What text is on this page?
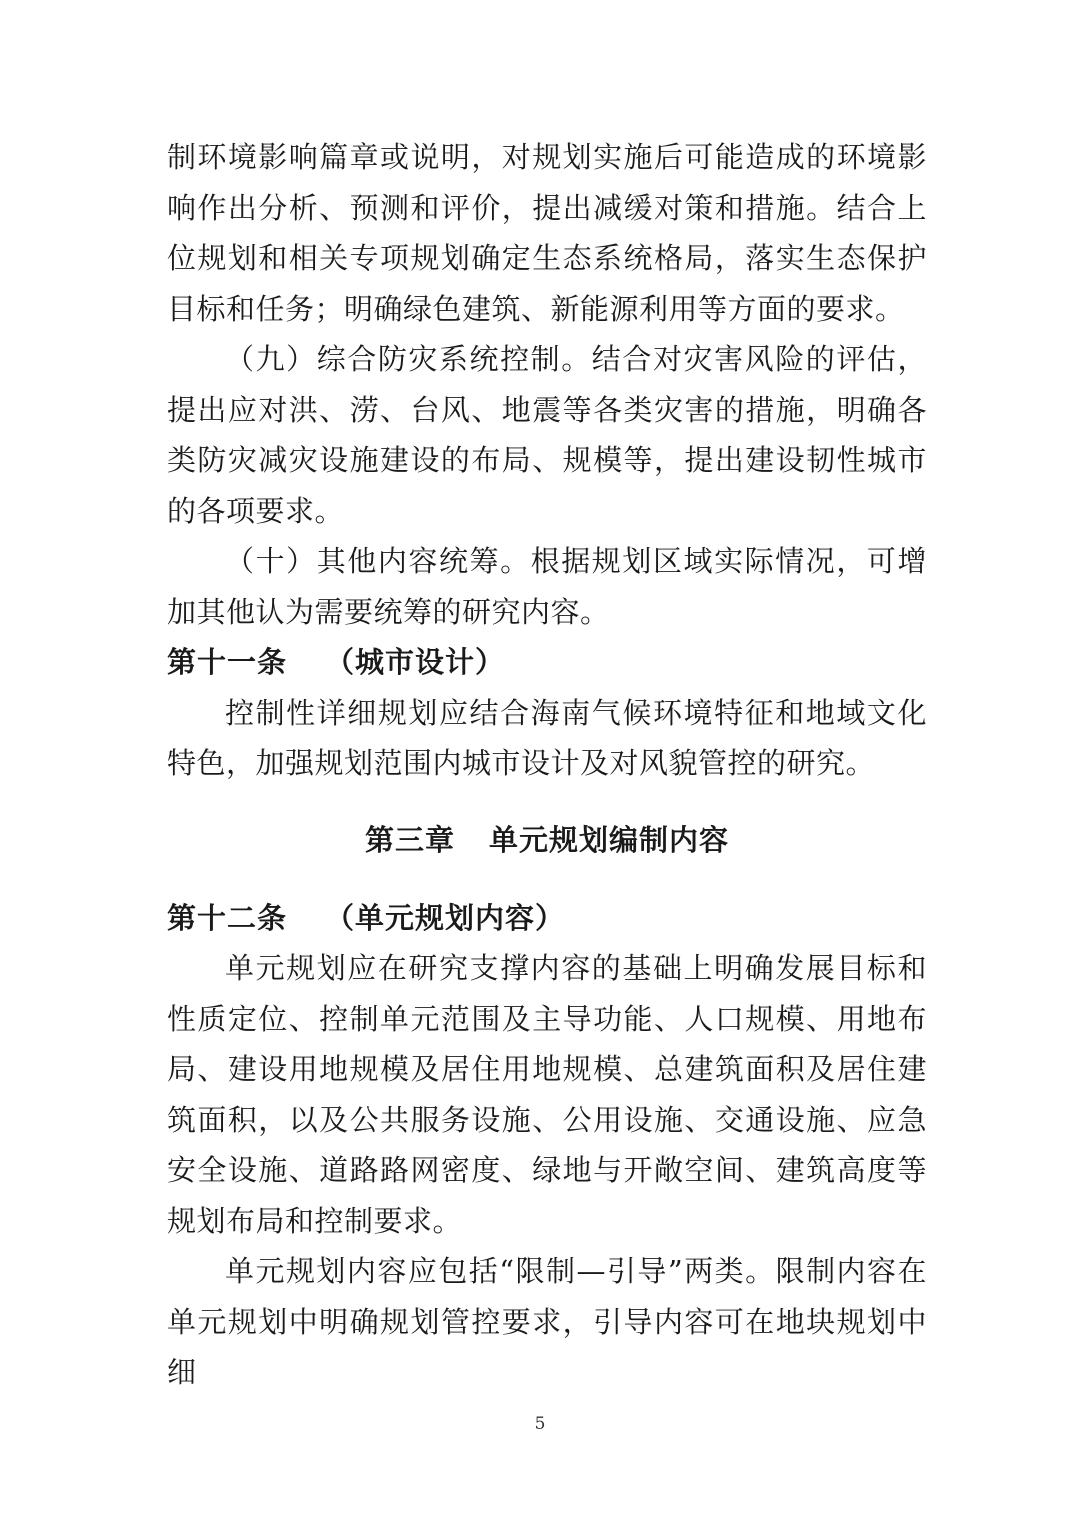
制环境影响篇章或说明，对规划实施后可能造成的环境影响作出分析、预测和评价，提出减缓对策和措施。结合上位规划和相关专项规划确定生态系统格局，落实生态保护目标和任务；明确绿色建筑、新能源利用等方面的要求。

（九）综合防灾系统控制。结合对灾害风险的评估，提出应对洪、涝、台风、地震等各类灾害的措施，明确各类防灾减灾设施建设的布局、规模等，提出建设韧性城市的各项要求。

（十）其他内容统筹。根据规划区域实际情况，可增加其他认为需要统筹的研究内容。

第十一条 （城市设计）

控制性详细规划应结合海南气候环境特征和地域文化特色，加强规划范围内城市设计及对风貌管控的研究。

第三章 单元规划编制内容
第十二条 （单元规划内容）

单元规划应在研究支撑内容的基础上明确发展目标和性质定位、控制单元范围及主导功能、人口规模、用地布局、建设用地规模及居住用地规模、总建筑面积及居住建筑面积，以及公共服务设施、公用设施、交通设施、应急安全设施、道路路网密度、绿地与开敞空间、建筑高度等规划布局和控制要求。

单元规划内容应包括“限制—引导”两类。限制内容在单元规划中明确规划管控要求，引导内容可在地块规划中细

5
